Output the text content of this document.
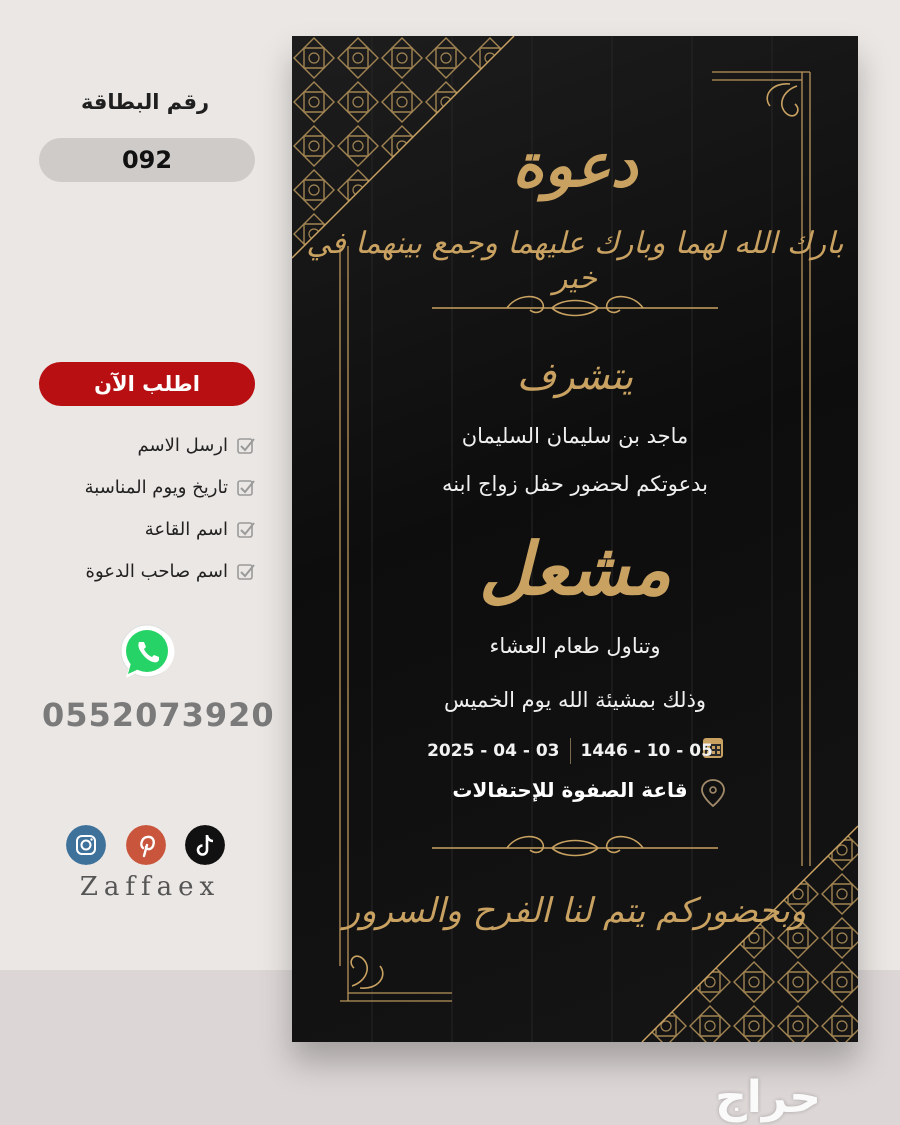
رقم البطاقة
092
اطلب الآن
ارسل الاسم
تاريخ ويوم المناسبة
اسم القاعة
اسم صاحب الدعوة
0552073920
Zaffaex
دعوة
بارك الله لهما وبارك عليهما وجمع بينهما في خير
يتشرف
ماجد بن سليمان السليمان
بدعوتكم لحضور حفل زواج ابنه
مشعل
وتناول طعام العشاء
وذلك بمشيئة الله يوم الخميس
2025 - 04 - 03 1446 - 10 - 05
قاعة الصفوة للإحتفالات
وبحضوركم يتم لنا الفرح والسرور
حراج
